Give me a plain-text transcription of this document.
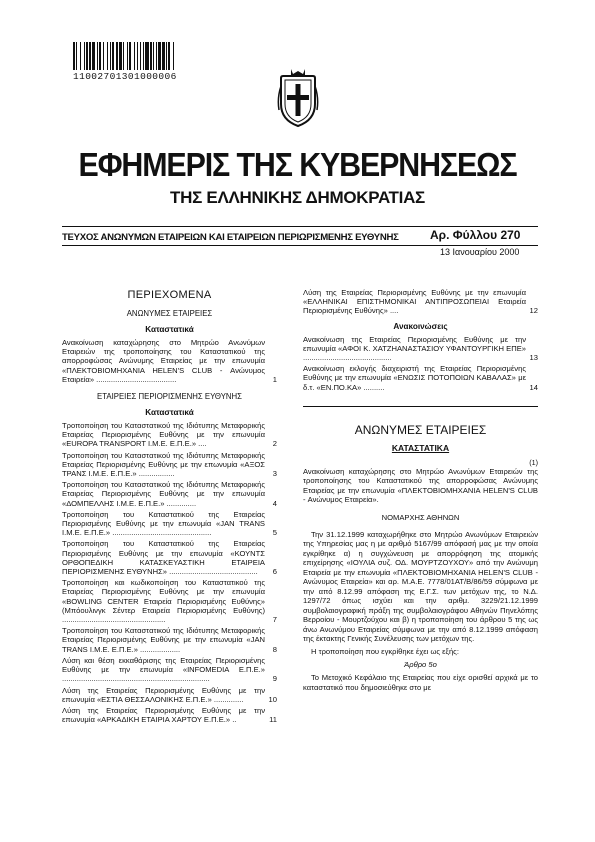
11002701301000006
ΕΦΗΜΕΡΙΣ ΤΗΣ ΚΥΒΕΡΝΗΣΕΩΣ
ΤΗΣ ΕΛΛΗΝΙΚΗΣ ΔΗΜΟΚΡΑΤΙΑΣ
ΤΕΥΧΟΣ ΑΝΩΝΥΜΩΝ ΕΤΑΙΡΕΙΩΝ ΚΑΙ ΕΤΑΙΡΕΙΩΝ ΠΕΡΙΩΡΙΣΜΕΝΗΣ ΕΥΘΥΝΗΣ	Αρ. Φύλλου 270
13 Ιανουαρίου 2000
ΠΕΡΙΕΧΟΜΕΝΑ
ΑΝΩΝΥΜΕΣ ΕΤΑΙΡΕΙΕΣ
Καταστατικά
Ανακοίνωση καταχώρησης στο Μητρώο Ανωνύμων Εταιρειών της τροποποίησης του Καταστατικού της απορροφώσας Ανώνυμης Εταιρείας με την επωνυμία «ΠΛΕΚΤΟΒΙΟΜΗΧΑΝΙΑ HELEN'S CLUB - Ανώνυμος Εταιρεία» ......................................	1
ΕΤΑΙΡΕΙΕΣ ΠΕΡΙΟΡΙΣΜΕΝΗΣ ΕΥΘΥΝΗΣ
Καταστατικά
Τροποποίηση του Καταστατικού της Ιδιότυπης Μεταφορικής Εταιρείας Περιορισμένης Ευθύνης με την επωνυμία «EUROPA TRANSPORT Ι.Μ.Ε. Ε.Π.Ε.» ....	2
Τροποποίηση του Καταστατικού της Ιδιότυπης Μεταφορικής Εταιρείας Περιορισμένης Ευθύνης με την επωνυμία «ΑΞΟΣ ΤΡΑΝΣ Ι.Μ.Ε. Ε.Π.Ε.» .................	3
Τροποποίηση του Καταστατικού της Ιδιότυπης Μεταφορικής Εταιρείας Περιορισμένης Ευθύνης με την επωνυμία «ΔΟΜΠΕΛΛΗΣ Ι.Μ.Ε. Ε.Π.Ε.» ..............	4
Τροποποίηση του Καταστατικού της Εταιρείας Περιορισμένης Ευθύνης με την επωνυμία «JAN TRANS Ι.Μ.Ε. Ε.Π.Ε.» ...............................................	5
Τροποποίηση του Καταστατικού της Εταιρείας Περιορισμένης Ευθύνης με την επωνυμία «ΚΟΥΝΤΣ ΟΡΘΟΠΕΔΙΚΗ ΚΑΤΑΣΚΕΥΑΣΤΙΚΗ ΕΤΑΙΡΕΙΑ ΠΕΡΙΟΡΙΣΜΕΝΗΣ ΕΥΘΥΝΗΣ» ..........................................	6
Τροποποίηση και κωδικοποίηση του Καταστατικού της Εταιρείας Περιορισμένης Ευθύνης με την επωνυμία «BOWLING CENTER Εταιρεία Περιορισμένης Ευθύνης» (Μπόουλινγκ Σέντερ Εταιρεία Περιορισμένης Ευθύνης) .................................................	7
Τροποποίηση του Καταστατικού της Ιδιότυπης Μεταφορικής Εταιρείας Περιορισμένης Ευθύνης με την επωνυμία «JAN TRANS Ι.Μ.Ε. Ε.Π.Ε.» ...................	8
Λύση και θέση εκκαθάρισης της Εταιρείας Περιορισμένης Ευθύνης με την επωνυμία «INFOMEDIA Ε.Π.Ε.» ......................................................................	9
Λύση της Εταιρείας Περιορισμένης Ευθύνης με την επωνυμία «ΕΣΤΙΑ ΘΕΣΣΑΛΟΝΙΚΗΣ Ε.Π.Ε.» ..............	10
Λύση της Εταιρείας Περιορισμένης Ευθύνης με την επωνυμία «ΑΡΚΑΔΙΚΗ ΕΤΑΙΡΙΑ ΧΑΡΤΟΥ Ε.Π.Ε.» ..	11
Λύση της Εταιρείας Περιορισμένης Ευθύνης με την επωνυμία «ΕΛΛΗΝΙΚΑΙ ΕΠΙΣΤΗΜΟΝΙΚΑΙ ΑΝΤΙΠΡΟΣΩΠΕΙΑΙ Εταιρεία Περιορισμένης Ευθύνης» ....	12
Ανακοινώσεις
Ανακοίνωση της Εταιρείας Περιορισμένης Ευθύνης με την επωνυμία «ΑΦΟΙ Κ. ΧΑΤΖΗΑΝΑΣΤΑΣΙΟΥ ΥΦΑΝΤΟΥΡΓΙΚΗ ΕΠΕ» ..........................................	13
Ανακοίνωση εκλογής διαχειριστή της Εταιρείας Περιορισμένης Ευθύνης με την επωνυμία «ΕΝΩΣΙΣ ΠΟΤΟΠΟΙΩΝ ΚΑΒΑΛΑΣ» με δ.τ. «ΕΝ.ΠΟ.ΚΑ» ..........	14
ΑΝΩΝΥΜΕΣ ΕΤΑΙΡΕΙΕΣ
ΚΑΤΑΣΤΑΤΙΚΑ

(1)

Ανακοίνωση καταχώρησης στο Μητρώο Ανωνύμων Εταιρειών της τροποποίησης του Καταστατικού της απορροφώσας Ανώνυμης Εταιρείας με την επωνυμία «ΠΛΕΚΤΟΒΙΟΜΗΧΑΝΙΑ HELEN'S CLUB - Ανώνυμος Εταιρεία».

ΝΟΜΑΡΧΗΣ ΑΘΗΝΩΝ

Την 31.12.1999 καταχωρήθηκε στο Μητρώο Ανωνύμων Εταιρειών της Υπηρεσίας μας η με αριθμό 5167/99 απόφασή μας με την οποία εγκρίθηκε α) η συγχώνευση με απορρόφηση της ατομικής επιχείρησης «ΙΟΥΛΙΑ συζ. ΟΔ. ΜΟΥΡΤΖΟΥΧΟΥ» από την Ανώνυμη Εταιρεία με την επωνυμία «ΠΛΕΚΤΟΒΙΟΜΗΧΑΝΙΑ HELEN'S CLUB - Ανώνυμος Εταιρεία» και αρ. Μ.Α.Ε. 7778/01ΑΤ/Β/86/59 σύμφωνα με την από 8.12.99 απόφαση της Ε.Γ.Σ. των μετόχων της, το Ν.Δ. 1297/72 όπως ισχύει και την αριθμ. 3229/21.12.1999 συμβολαιογραφική πράξη της συμβολαιογράφου Αθηνών Πηνελόπης Βερροίου - Μουρτζούχου και β) η τροποποίηση του άρθρου 5 της ως άνω Ανωνύμου Εταιρείας σύμφωνα με την από 8.12.1999 απόφαση της έκτακτης Γενικής Συνέλευσης των μετόχων της.

Η τροποποίηση που εγκρίθηκε έχει ως εξής:

Άρθρο 5ο

Το Μετοχικό Κεφάλαιο της Εταιρείας που είχε ορισθεί αρχικά με το καταστατικό που δημοσιεύθηκε στο με
